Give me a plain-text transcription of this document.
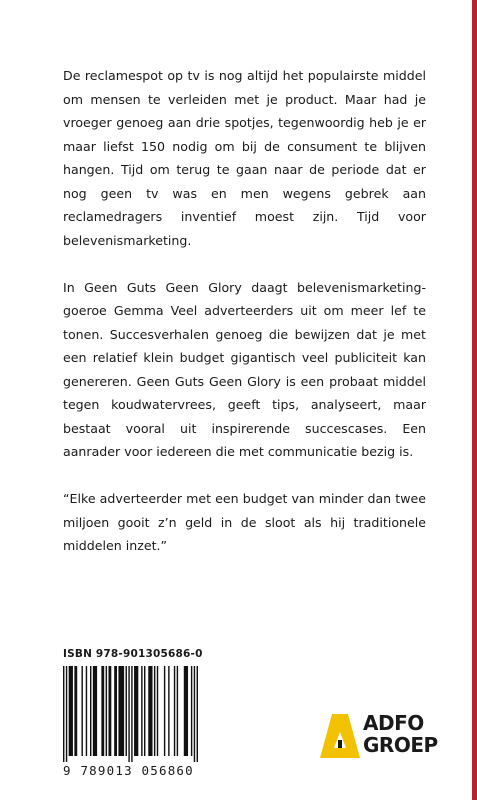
De reclamespot op tv is nog altijd het populairste middel om mensen te verleiden met je product. Maar had je vroeger genoeg aan drie spotjes, tegenwoordig heb je er maar liefst 150 nodig om bij de consument te blijven hangen. Tijd om terug te gaan naar de periode dat er nog geen tv was en men wegens gebrek aan reclamedragers inventief moest zijn. Tijd voor belevenismarketing.

In Geen Guts Geen Glory daagt belevenismarketing-goeroe Gemma Veel adverteerders uit om meer lef te tonen. Succesverhalen genoeg die bewijzen dat je met een relatief klein budget gigantisch veel publiciteit kan genereren. Geen Guts Geen Glory is een probaat middel tegen koudwatervrees, geeft tips, analyseert, maar bestaat vooral uit inspirerende succescases. Een aanrader voor iedereen die met communicatie bezig is.

“Elke adverteerder met een budget van minder dan twee miljoen gooit z’n geld in de sloot als hij traditionele middelen inzet.”

ISBN 978-901305686-0
9 789013 056860
ADFO
GROEP
